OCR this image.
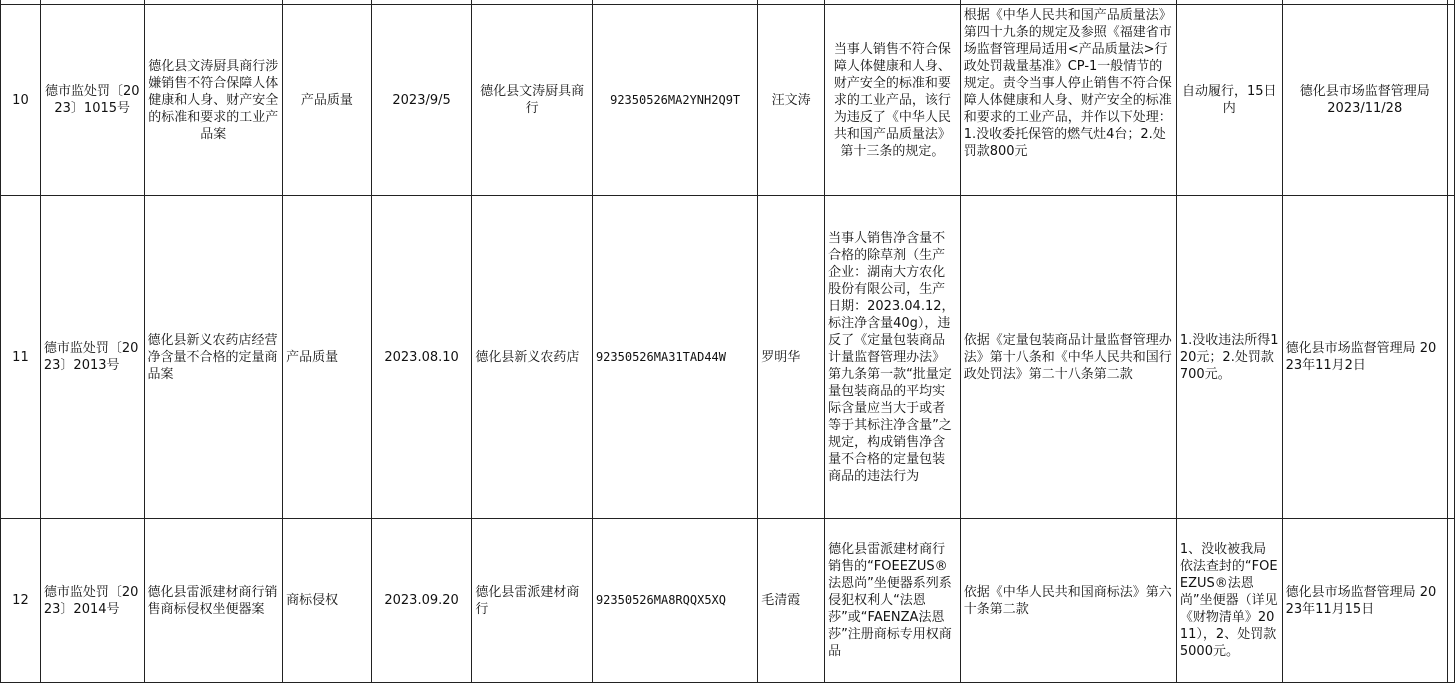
10	德市监处罚〔2023〕1015号	德化县文涛厨具商行涉嫌销售不符合保障人体健康和人身、财产安全的标准和要求的工业产品案	产品质量	2023/9/5	德化县文涛厨具商行	92350526MA2YNH2Q9T	汪文涛	当事人销售不符合保障人体健康和人身、财产安全的标准和要求的工业产品，该行为违反了《中华人民共和国产品质量法》第十三条的规定。	根据《中华人民共和国产品质量法》第四十九条的规定及参照《福建省市场监督管理局适用<产品质量法>行政处罚裁量基准》CP-1一般情节的规定。责令当事人停止销售不符合保障人体健康和人身、财产安全的标准和要求的工业产品，并作以下处理：1.没收委托保管的燃气灶4台；2.处罚款800元	自动履行，15日内	德化县市场监督管理局
2023/11/28	
11	德市监处罚〔2023〕2013号	德化县新义农药店经营净含量不合格的定量商品案	产品质量	2023.08.10	德化县新义农药店	92350526MA31TAD44W	罗明华	当事人销售净含量不合格的除草剂（生产企业：湖南大方农化股份有限公司，生产日期：2023.04.12，标注净含量40g），违反了《定量包装商品计量监督管理办法》第九条第一款“批量定量包装商品的平均实际含量应当大于或者等于其标注净含量”之规定，构成销售净含量不合格的定量包装商品的违法行为	依据《定量包装商品计量监督管理办法》第十八条和《中华人民共和国行政处罚法》第二十八条第二款	1.没收违法所得120元；2.处罚款700元。	德化县市场监督管理局 2023年11月2日	
12	德市监处罚〔2023〕2014号	德化县雷派建材商行销售商标侵权坐便器案	商标侵权	2023.09.20	德化县雷派建材商行	92350526MA8RQQX5XQ	毛清霞	德化县雷派建材商行销售的“FOEEZUS®法恩尚”坐便器系列系侵犯权利人“法恩莎”或“FAENZA法恩莎”注册商标专用权商品	依据《中华人民共和国商标法》第六十条第二款	1、没收被我局依法查封的“FOEEZUS®法恩尚”坐便器（详见《财物清单》2011），2、处罚款5000元。	德化县市场监督管理局 2023年11月15日	
